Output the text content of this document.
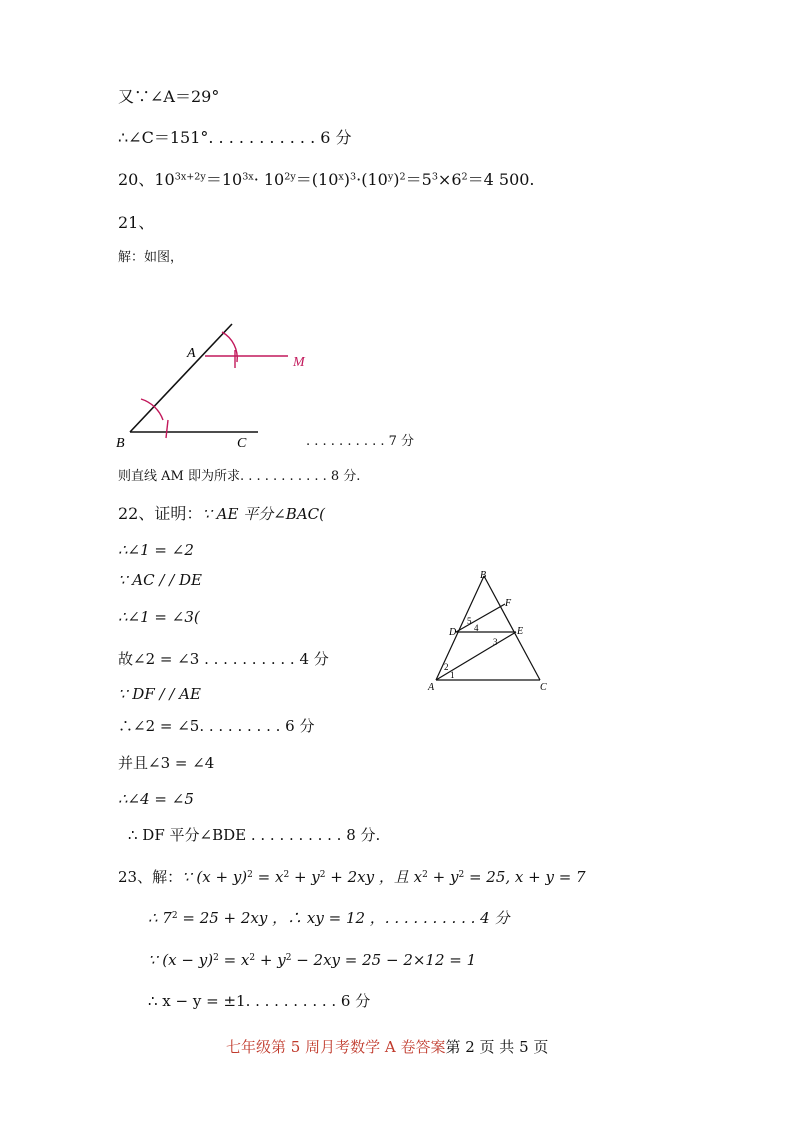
又∵∠A＝29°
∴∠C＝151°. . . . . . . . . . . 6 分
20、$10^{3x+2y}=10^{3x}\cdot 10^{2y}=(10^x)^3\cdot(10^y)^2=5^3\times 6^2=4$ 500.
21、
解：如图，
B	C
A
M
. . . . . . . . . . 7 分
则直线 AM 即为所求. . . . . . . . . . . 8 分.
22、证明：∵ AE 平分∠BAC(
∴∠1 = ∠2
∵ AC / / DE
∴∠1 = ∠3(
故∠2 = ∠3 . . . . . . . . . . 4 分
∵ DF / / AE
∴∠2 = ∠5. . . . . . . . . 6 分
并且∠3 = ∠4
∴∠4 = ∠5
∴ DF 平分∠BDE . . . . . . . . . . 8 分.
B
F
D	E
A	C
5
4
3
2
1
23、解：∵ $(x + y)^2 = x^2 + y^2 + 2xy$ ，且 $x^2 + y^2 = 25$, x + y = 7
∴ $7^2 = 25 + 2xy$ ，∴ xy = 12 ，. . . . . . . . . . 4 分
∵ $(x - y)^2 = x^2 + y^2 - 2xy = 25 - 2\times 12 = 1$
∴ x − y = ±1. . . . . . . . . . 6 分
七年级第 5 周月考数学 A 卷答案第 2 页 共 5 页
